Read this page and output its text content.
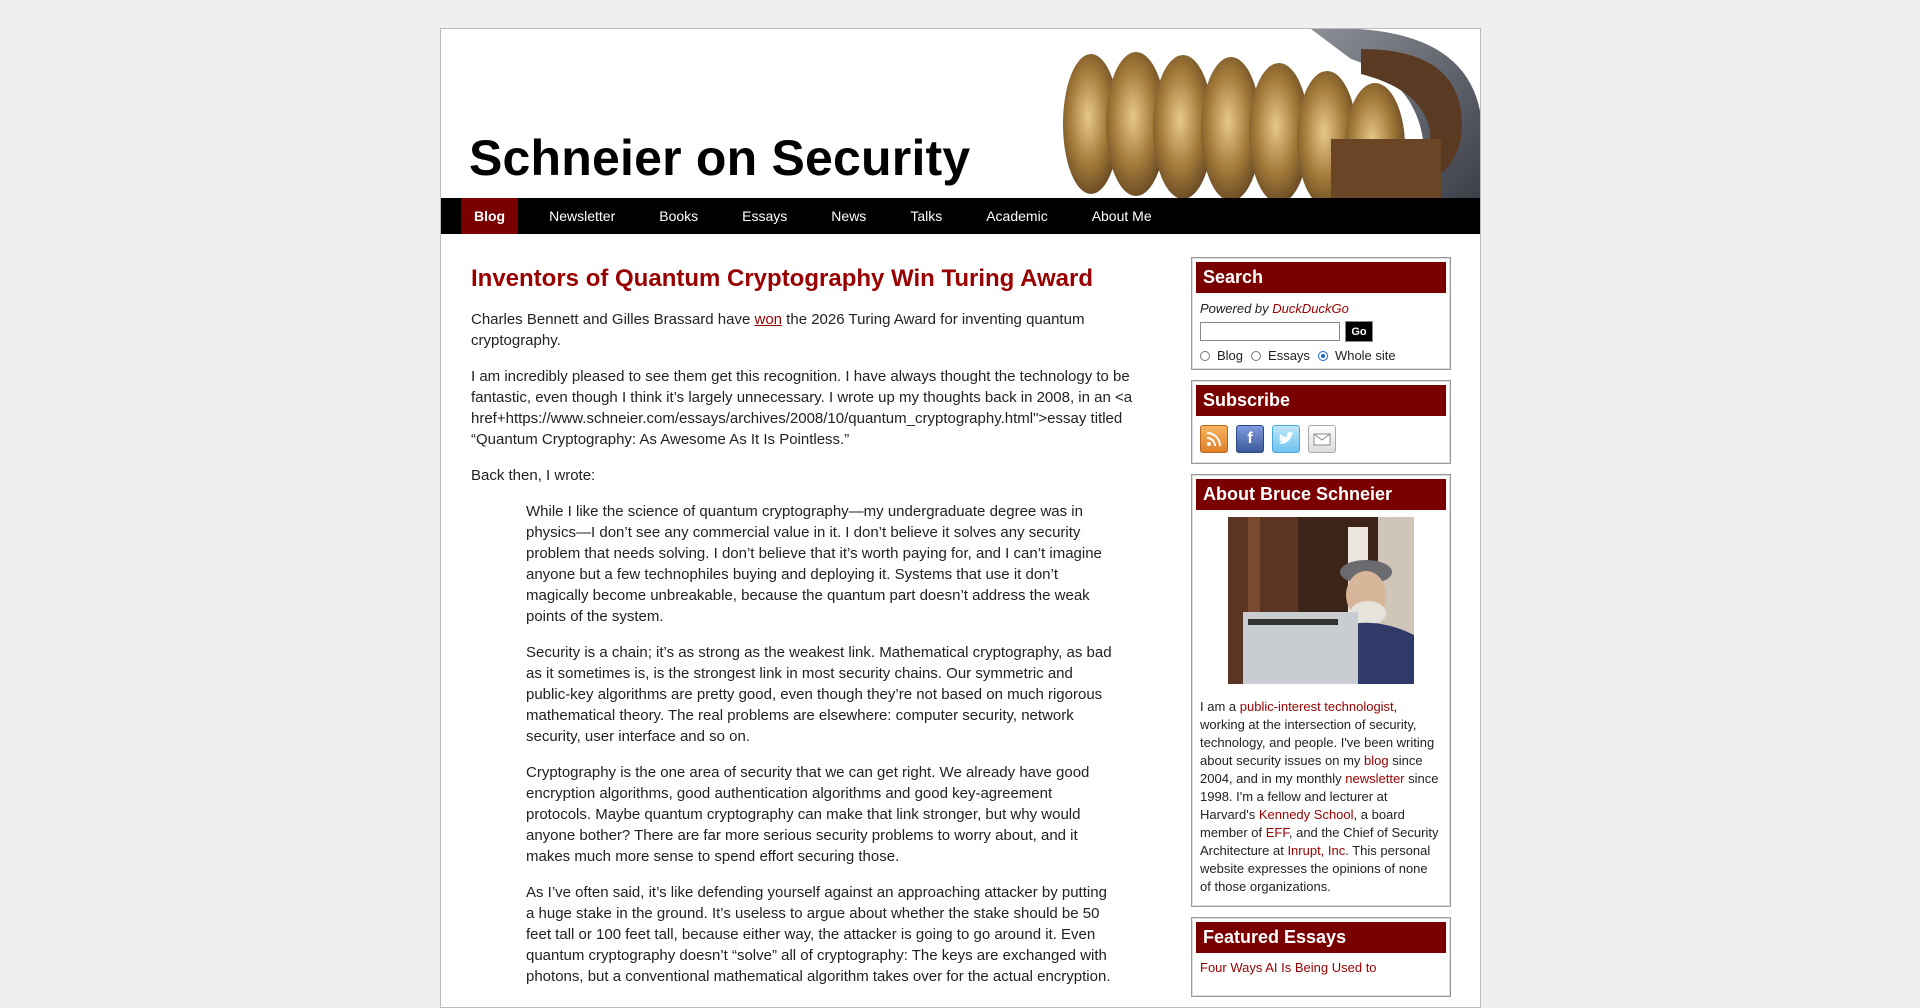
Schneier on Security
Blog	Newsletter	Books	Essays	News	Talks	Academic	About Me
Inventors of Quantum Cryptography Win Turing Award

Charles Bennett and Gilles Brassard have won the 2026 Turing Award for inventing quantum cryptography.

I am incredibly pleased to see them get this recognition. I have always thought the technology to be fantastic, even though I think it’s largely unnecessary. I wrote up my thoughts back in 2008, in an <a href+https://www.schneier.com/essays/archives/2008/10/quantum_cryptography.html">essay titled “Quantum Cryptography: As Awesome As It Is Pointless.”

Back then, I wrote:

While I like the science of quantum cryptography—my undergraduate degree was in physics—I don’t see any commercial value in it. I don’t believe it solves any security problem that needs solving. I don’t believe that it’s worth paying for, and I can’t imagine anyone but a few technophiles buying and deploying it. Systems that use it don’t magically become unbreakable, because the quantum part doesn’t address the weak points of the system.

Security is a chain; it’s as strong as the weakest link. Mathematical cryptography, as bad as it sometimes is, is the strongest link in most security chains. Our symmetric and public-key algorithms are pretty good, even though they’re not based on much rigorous mathematical theory. The real problems are elsewhere: computer security, network security, user interface and so on.

Cryptography is the one area of security that we can get right. We already have good encryption algorithms, good authentication algorithms and good key-agreement protocols. Maybe quantum cryptography can make that link stronger, but why would anyone bother? There are far more serious security problems to worry about, and it makes much more sense to spend effort securing those.

As I’ve often said, it’s like defending yourself against an approaching attacker by putting a huge stake in the ground. It’s useless to argue about whether the stake should be 50 feet tall or 100 feet tall, because either way, the attacker is going to go around it. Even quantum cryptography doesn’t “solve” all of cryptography: The keys are exchanged with photons, but a conventional mathematical algorithm takes over for the actual encryption.

Search
Powered by DuckDuckGo
Go
Blog Essays Whole site
Subscribe
f
About Bruce Schneier
I am a public-interest technologist, working at the intersection of security, technology, and people. I've been writing about security issues on my blog since 2004, and in my monthly newsletter since 1998. I'm a fellow and lecturer at Harvard's Kennedy School, a board member of EFF, and the Chief of Security Architecture at Inrupt, Inc. This personal website expresses the opinions of none of those organizations.
Featured Essays
Four Ways AI Is Being Used to
